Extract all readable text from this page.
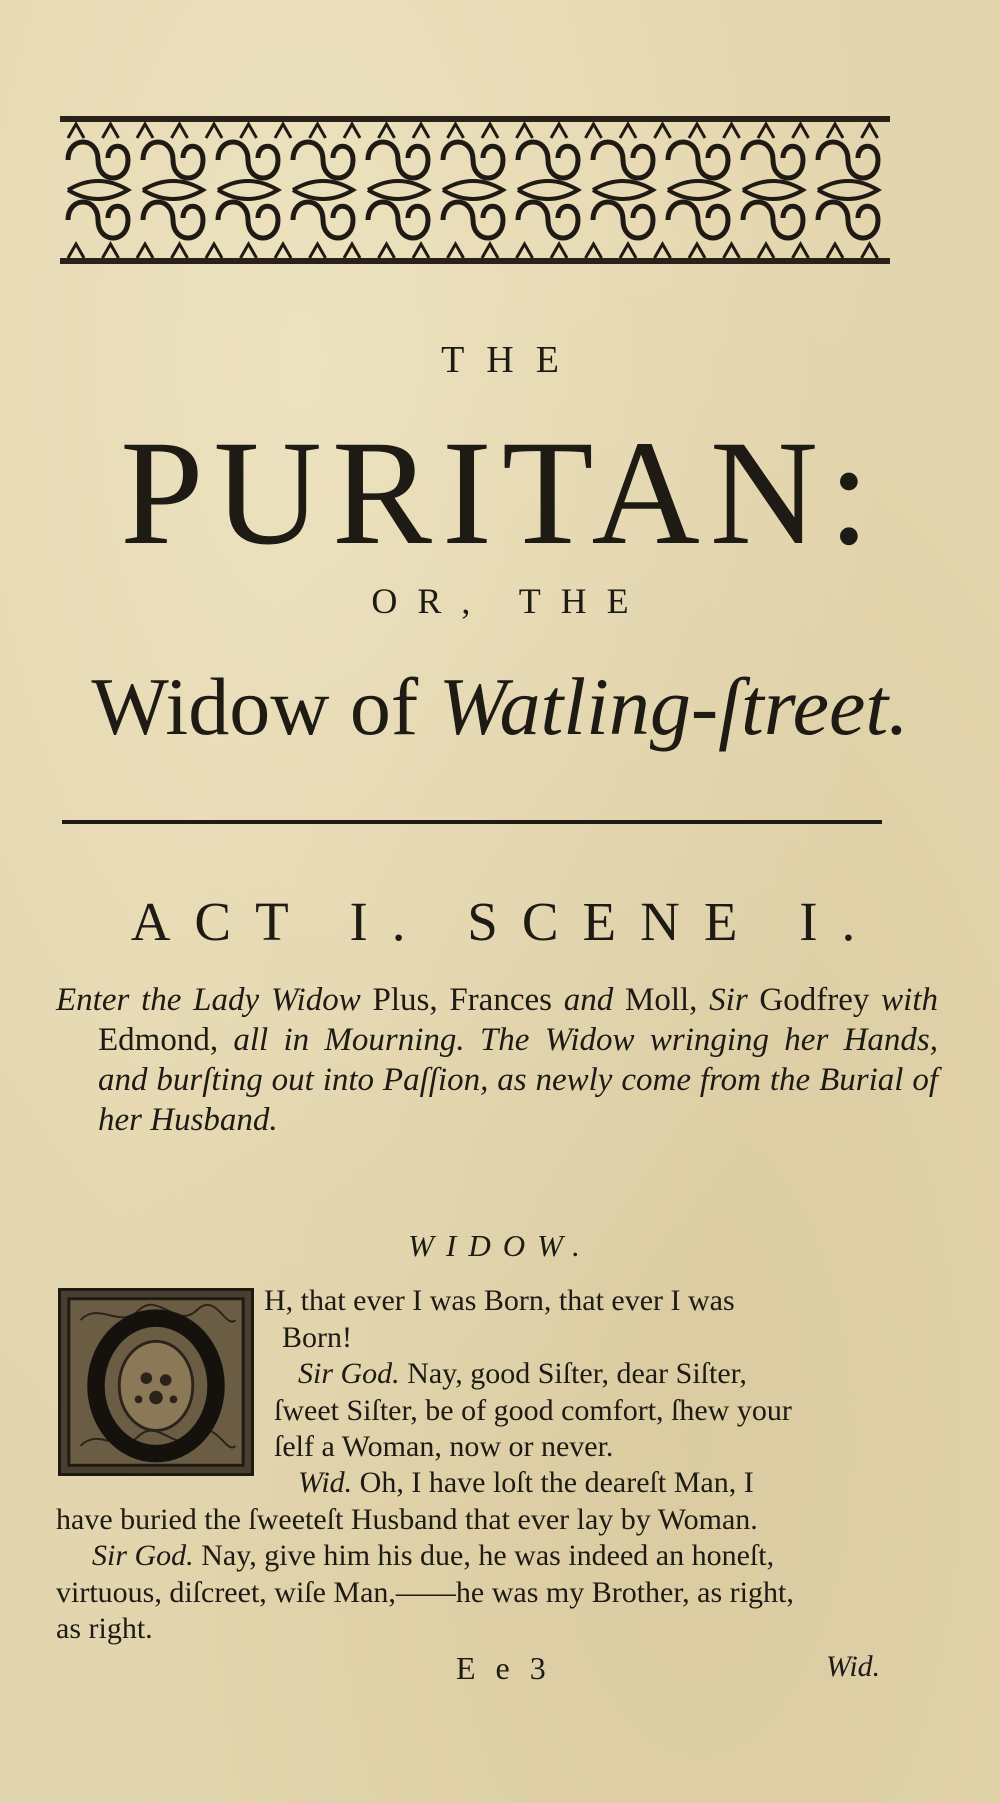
THE
PURITAN:
OR, THE
Widow of Watling-ſtreet.
ACT I. SCENE I.
Enter the Lady Widow Plus, Frances and Moll, Sir Godfrey with Edmond, all in Mourning. The Widow wringing her Hands, and burſting out into Paſſion, as newly come from the Burial of her Husband.
WIDOW.
H, that ever I was Born, that ever I was
Born!
Sir God. Nay, good Siſter, dear Siſter,
ſweet Siſter, be of good comfort, ſhew your
ſelf a Woman, now or never.
Wid. Oh, I have loſt the deareſt Man, I
have buried the ſweeteſt Husband that ever lay by Woman.
Sir God. Nay, give him his due, he was indeed an honeſt,
virtuous, diſcreet, wiſe Man,——he was my Brother, as right,
as right.
E e 3	Wid.
